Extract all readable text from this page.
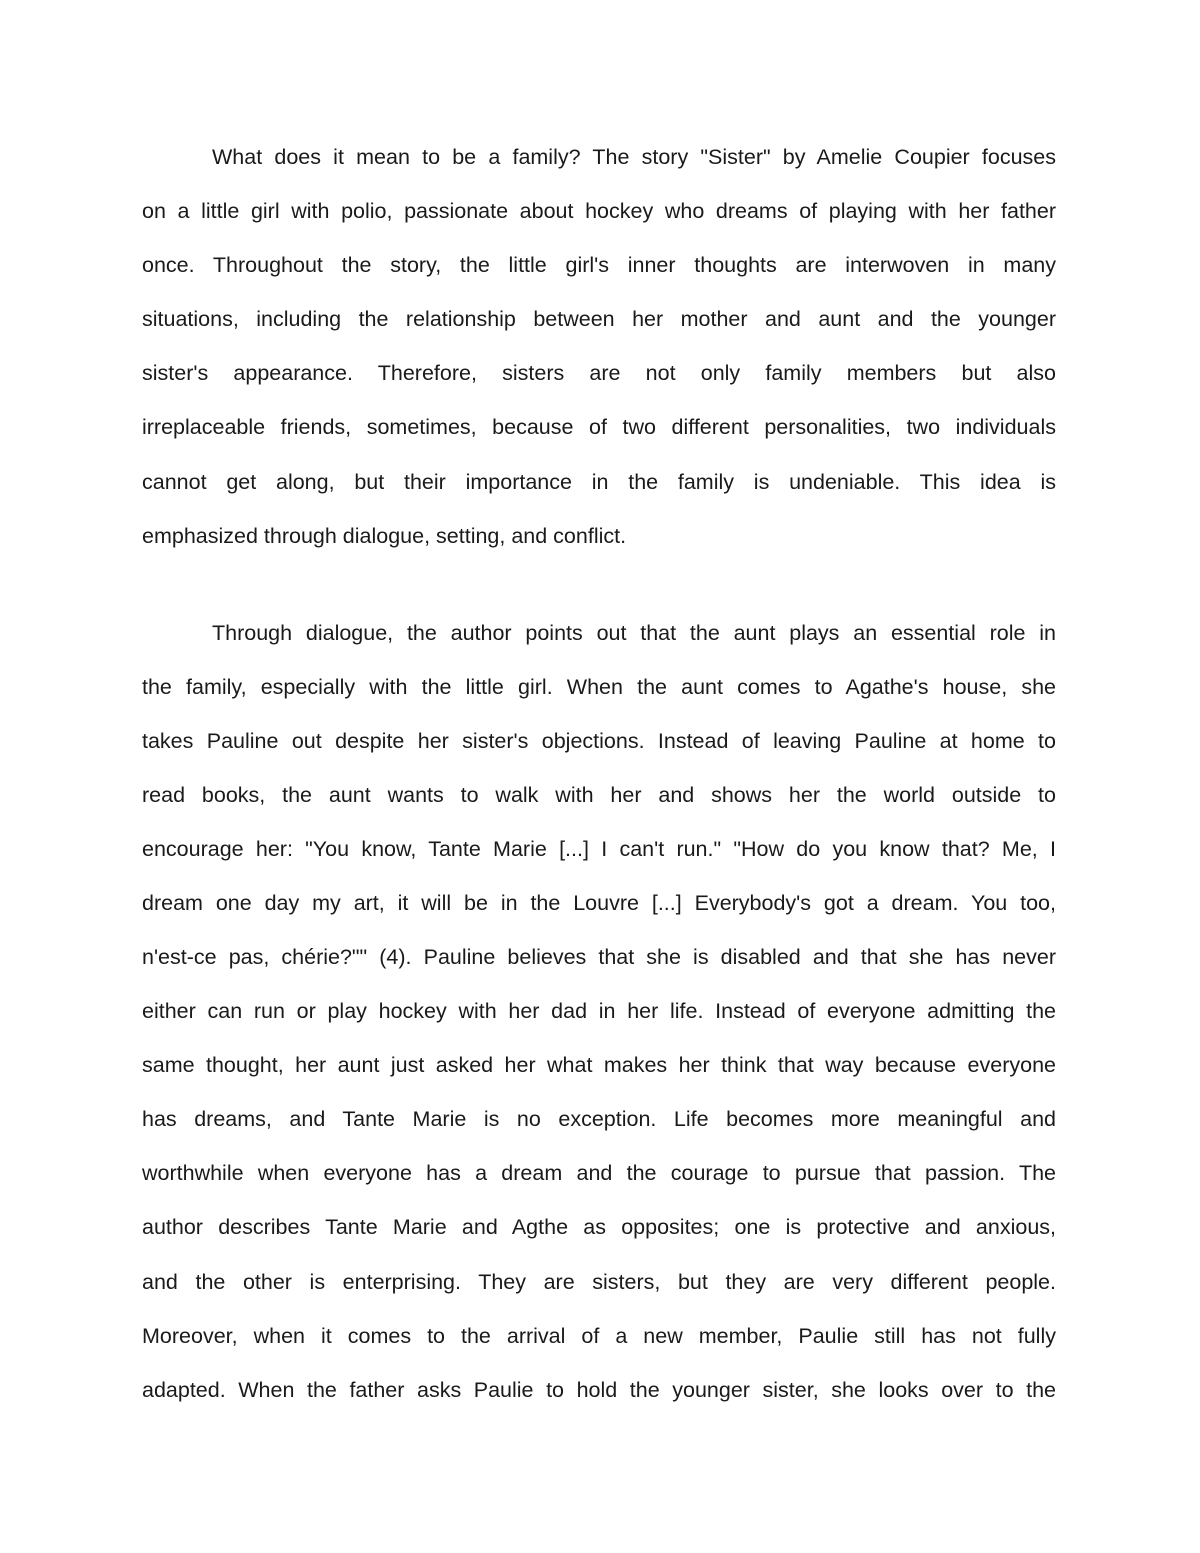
What does it mean to be a family? The story "Sister" by Amelie Coupier focuses
on a little girl with polio, passionate about hockey who dreams of playing with her father
once. Throughout the story, the little girl's inner thoughts are interwoven in many
situations, including the relationship between her mother and aunt and the younger
sister's appearance. Therefore, sisters are not only family members but also
irreplaceable friends, sometimes, because of two different personalities, two individuals
cannot get along, but their importance in the family is undeniable. This idea is
emphasized through dialogue, setting, and conflict.
Through dialogue, the author points out that the aunt plays an essential role in
the family, especially with the little girl. When the aunt comes to Agathe's house, she
takes Pauline out despite her sister's objections. Instead of leaving Pauline at home to
read books, the aunt wants to walk with her and shows her the world outside to
encourage her: "You know, Tante Marie [...] I can't run." "How do you know that? Me, I
dream one day my art, it will be in the Louvre [...] Everybody's got a dream. You too,
n'est-ce pas, chérie?"" (4). Pauline believes that she is disabled and that she has never
either can run or play hockey with her dad in her life. Instead of everyone admitting the
same thought, her aunt just asked her what makes her think that way because everyone
has dreams, and Tante Marie is no exception. Life becomes more meaningful and
worthwhile when everyone has a dream and the courage to pursue that passion. The
author describes Tante Marie and Agthe as opposites; one is protective and anxious,
and the other is enterprising. They are sisters, but they are very different people.
Moreover, when it comes to the arrival of a new member, Paulie still has not fully
adapted. When the father asks Paulie to hold the younger sister, she looks over to the
